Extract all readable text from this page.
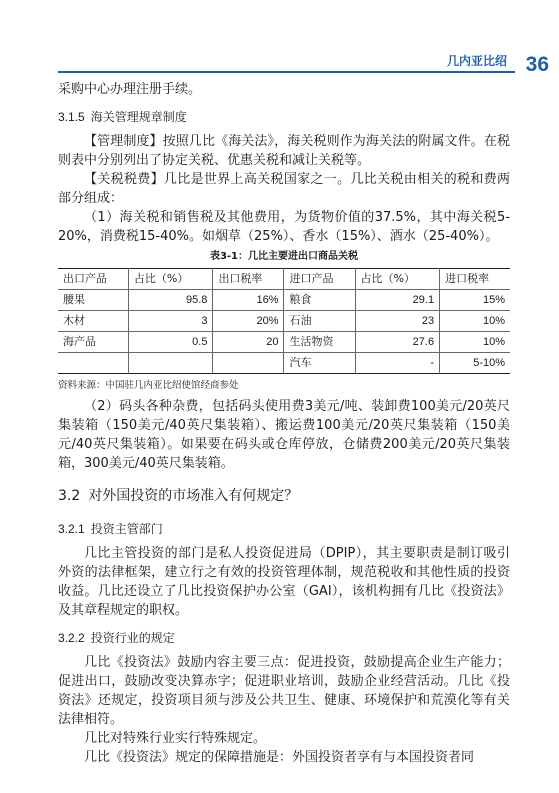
几内亚比绍 36

采购中心办理注册手续。

3.1.5 海关管理规章制度

【管理制度】按照几比《海关法》，海关税则作为海关法的附属文件。在税则表中分别列出了协定关税、优惠关税和减让关税等。

【关税税费】几比是世界上高关税国家之一。几比关税由相关的税和费两部分组成：

（1）海关税和销售税及其他费用，为货物价值的37.5%，其中海关税5-20%，消费税15-40%。如烟草（25%）、香水（15%）、酒水（25-40%）。

表3-1：几比主要进出口商品关税
出口产品	占比（%）	出口税率	进口产品	占比（%）	进口税率
腰果	95.8	16%	粮食	29.1	15%
木材	3	20%	石油	23	10%
海产品	0.5	20	生活物资	27.6	10%
			汽车	-	5-10%
资料来源：中国驻几内亚比绍使馆经商参处

（2）码头各种杂费，包括码头使用费3美元/吨、装卸费100美元/20英尺集装箱（150美元/40英尺集装箱）、搬运费100美元/20英尺集装箱（150美元/40英尺集装箱）。如果要在码头或仓库停放，仓储费200美元/20英尺集装箱，300美元/40英尺集装箱。

3.2 对外国投资的市场准入有何规定？
3.2.1 投资主管部门

几比主管投资的部门是私人投资促进局（DPIP），其主要职责是制订吸引外资的法律框架，建立行之有效的投资管理体制，规范税收和其他性质的投资收益。几比还设立了几比投资保护办公室（GAI），该机构拥有几比《投资法》及其章程规定的职权。

3.2.2 投资行业的规定

几比《投资法》鼓励内容主要三点：促进投资，鼓励提高企业生产能力；促进出口，鼓励改变决算赤字；促进职业培训，鼓励企业经营活动。几比《投资法》还规定，投资项目须与涉及公共卫生、健康、环境保护和荒漠化等有关法律相符。

几比对特殊行业实行特殊规定。

几比《投资法》规定的保障措施是：外国投资者享有与本国投资者同
